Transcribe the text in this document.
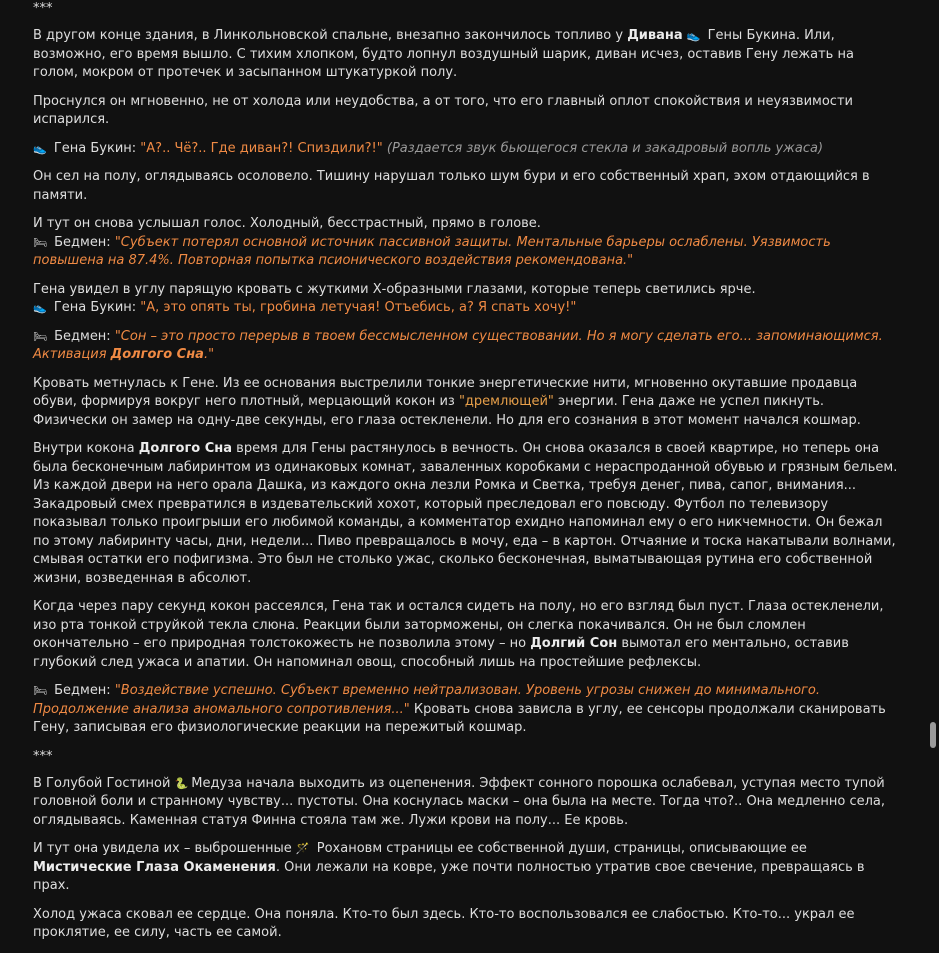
***

В другом конце здания, в Линкольновской спальне, внезапно закончилось топливо у Дивана 👟 Гены Букина. Или, возможно, его время вышло. С тихим хлопком, будто лопнул воздушный шарик, диван исчез, оставив Гену лежать на голом, мокром от протечек и засыпанном штукатуркой полу.

Проснулся он мгновенно, не от холода или неудобства, а от того, что его главный оплот спокойствия и неуязвимости испарился.

👟 Гена Букин: "А?.. Чё?.. Где диван?! Спиздили?!" (Раздается звук бьющегося стекла и закадровый вопль ужаса)

Он сел на полу, оглядываясь осоловело. Тишину нарушал только шум бури и его собственный храп, эхом отдающийся в памяти.

И тут он снова услышал голос. Холодный, бесстрастный, прямо в голове.
🛏 Бедмен: "Субъект потерял основной источник пассивной защиты. Ментальные барьеры ослаблены. Уязвимость повышена на 87.4%. Повторная попытка псионического воздействия рекомендована."

Гена увидел в углу парящую кровать с жуткими Х-образными глазами, которые теперь светились ярче.
👟 Гена Букин: "А, это опять ты, гробина летучая! Отъебись, а? Я спать хочу!"

🛏 Бедмен: "Сон – это просто перерыв в твоем бессмысленном существовании. Но я могу сделать его... запоминающимся. Активация Долгого Сна."

Кровать метнулась к Гене. Из ее основания выстрелили тонкие энергетические нити, мгновенно окутавшие продавца обуви, формируя вокруг него плотный, мерцающий кокон из "дремлющей" энергии. Гена даже не успел пикнуть. Физически он замер на одну-две секунды, его глаза остекленели. Но для его сознания в этот момент начался кошмар.

Внутри кокона Долгого Сна время для Гены растянулось в вечность. Он снова оказался в своей квартире, но теперь она была бесконечным лабиринтом из одинаковых комнат, заваленных коробками с нераспроданной обувью и грязным бельем. Из каждой двери на него орала Дашка, из каждого окна лезли Ромка и Светка, требуя денег, пива, сапог, внимания... Закадровый смех превратился в издевательский хохот, который преследовал его повсюду. Футбол по телевизору показывал только проигрыши его любимой команды, а комментатор ехидно напоминал ему о его никчемности. Он бежал по этому лабиринту часы, дни, недели... Пиво превращалось в мочу, еда – в картон. Отчаяние и тоска накатывали волнами, смывая остатки его пофигизма. Это был не столько ужас, сколько бесконечная, выматывающая рутина его собственной жизни, возведенная в абсолют.

Когда через пару секунд кокон рассеялся, Гена так и остался сидеть на полу, но его взгляд был пуст. Глаза остекленели, изо рта тонкой струйкой текла слюна. Реакции были заторможены, он слегка покачивался. Он не был сломлен окончательно – его природная толстокожесть не позволила этому – но Долгий Сон вымотал его ментально, оставив глубокий след ужаса и апатии. Он напоминал овощ, способный лишь на простейшие рефлексы.

🛏 Бедмен: "Воздействие успешно. Субъект временно нейтрализован. Уровень угрозы снижен до минимального. Продолжение анализа аномального сопротивления..." Кровать снова зависла в углу, ее сенсоры продолжали сканировать Гену, записывая его физиологические реакции на пережитый кошмар.

***

В Голубой Гостиной 🐍 Медуза начала выходить из оцепенения. Эффект сонного порошка ослабевал, уступая место тупой головной боли и странному чувству... пустоты. Она коснулась маски – она была на месте. Тогда что?.. Она медленно села, оглядываясь. Каменная статуя Финна стояла там же. Лужи крови на полу... Ее кровь.

И тут она увидела их – выброшенные 🪄 Рохановм страницы ее собственной души, страницы, описывающие ее Мистические Глаза Окаменения. Они лежали на ковре, уже почти полностью утратив свое свечение, превращаясь в прах.

Холод ужаса сковал ее сердце. Она поняла. Кто-то был здесь. Кто-то воспользовался ее слабостью. Кто-то... украл ее проклятие, ее силу, часть ее самой.
